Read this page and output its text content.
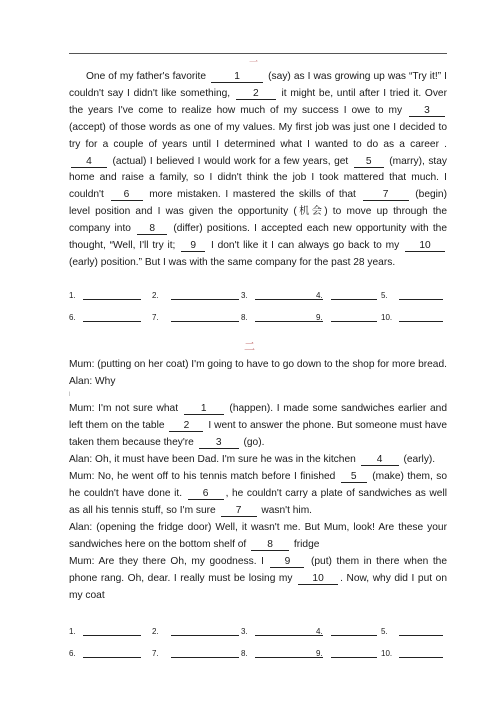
一
One of my father's favorite 1 (say) as I was growing up was “Try it!” I couldn't say I didn't like something, 2 it might be, until after I tried it. Over the years I've come to realize how much of my success I owe to my 3 (accept) of those words as one of my values. My first job was just one I decided to try for a couple of years until I determined what I wanted to do as a career . 4 (actual) I believed I would work for a few years, get 5 (marry), stay home and raise a family, so I didn't think the job I took mattered that much. I couldn't 6 more mistaken. I mastered the skills of that 7 (begin) level position and I was given the opportunity (机会) to move up through the company into 8 (differ) positions. I accepted each new opportunity with the thought, “Well, I'll try it; 9 I don't like it I can always go back to my 10 (early) position.” But I was with the same company for the past 28 years.
1.	2.	3.	4.	5.
6.	7.	8.	9.	10.
二

Mum: (putting on her coat) I'm going to have to go down to the shop for more bread.

Alan: Why

l

Mum: I'm not sure what 1 (happen). I made some sandwiches earlier and left them on the table 2 I went to answer the phone. But someone must have taken them because they're 3 (go).

Alan: Oh, it must have been Dad. I'm sure he was in the kitchen 4 (early).

Mum: No, he went off to his tennis match before I finished 5 (make) them, so he couldn't have done it. 6 , he couldn't carry a plate of sandwiches as well as all his tennis stuff, so I'm sure 7 wasn't him.

Alan: (opening the fridge door) Well, it wasn't me. But Mum, look! Are these your sandwiches here on the bottom shelf of 8 fridge

Mum: Are they there Oh, my goodness. I 9 (put) them in there when the phone rang. Oh, dear. I really must be losing my 10 . Now, why did I put on my coat

1.	2.	3.	4.	5.
6.	7.	8.	9.	10.
